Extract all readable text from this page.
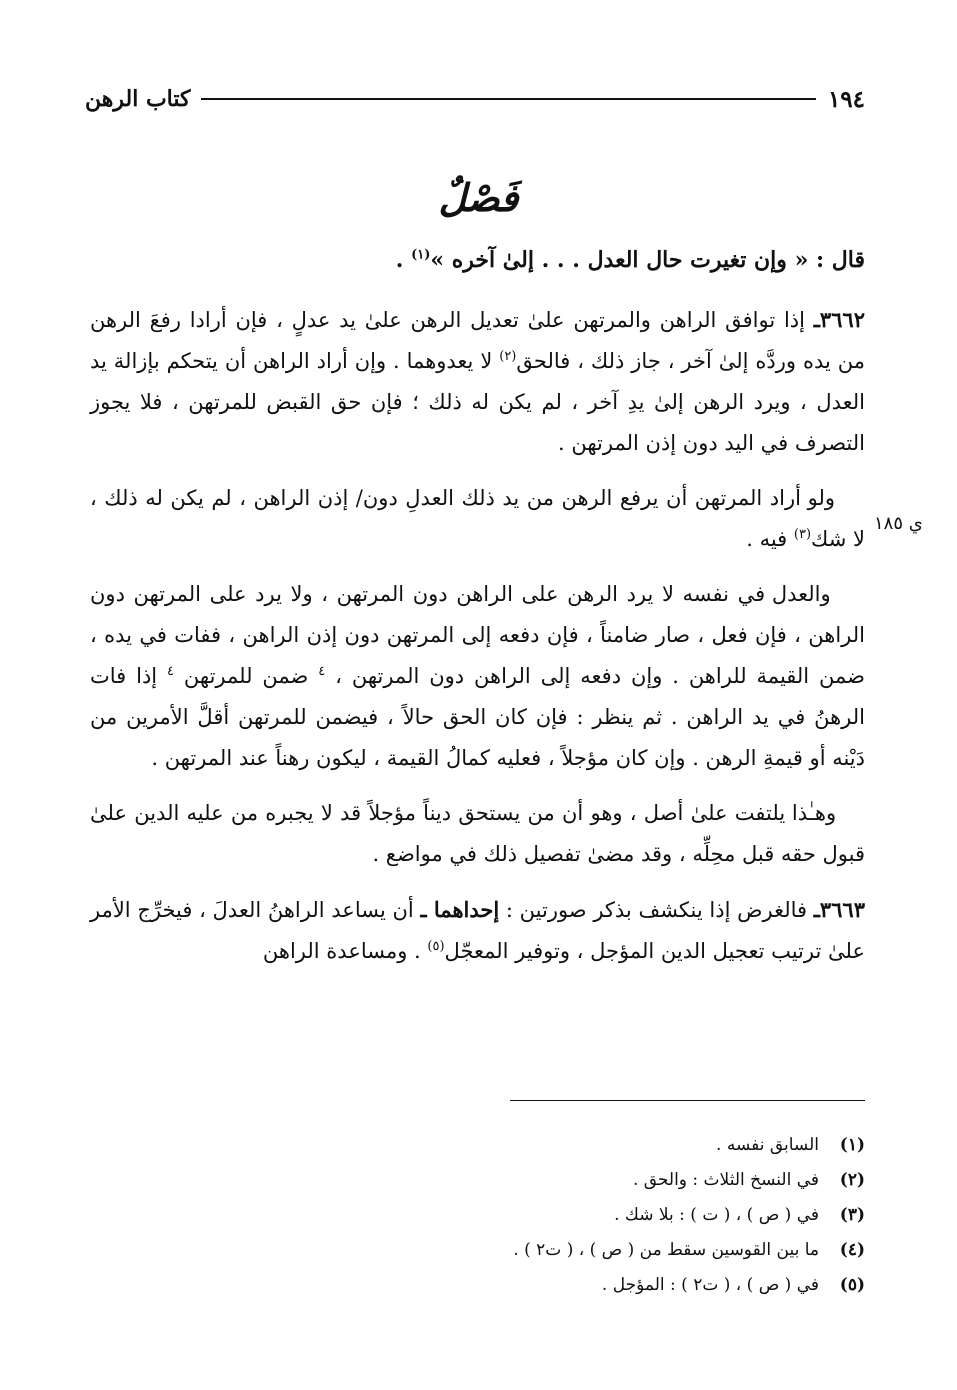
١٩٤
كتاب الرهن
فَصْلٌ

قال : « وإن تغيرت حال العدل . . . إلىٰ آخره »$^{(١)}$ .

٣٦٦٢ـ إذا توافق الراهن والمرتهن علىٰ تعديل الرهن علىٰ يد عدلٍ ، فإن أرادا رفعَ الرهن من يده وردَّه إلىٰ آخر ، جاز ذلك ، فالحق$^{(٢)}$ لا يعدوهما . وإن أراد الراهن أن يتحكم بإزالة يد العدل ، ويرد الرهن إلىٰ يدِ آخر ، لم يكن له ذلك ؛ فإن حق القبض للمرتهن ، فلا يجوز التصرف في اليد دون إذن المرتهن .

ولو أراد المرتهن أن يرفع الرهن من يد ذلك العدلِ دون/ إذن الراهن ، لم يكن له ذلك ، لا شك$^{(٣)}$ فيه .

والعدل في نفسه لا يرد الرهن على الراهن دون المرتهن ، ولا يرد على المرتهن دون الراهن ، فإن فعل ، صار ضامناً ، فإن دفعه إلى المرتهن دون إذن الراهن ، ففات في يده ، ضمن القيمة للراهن . وإن دفعه إلى الراهن دون المرتهن ، $^٤$ ضمن للمرتهن $^٤$ إذا فات الرهنُ في يد الراهن . ثم ينظر : فإن كان الحق حالاً ، فيضمن للمرتهن أقلَّ الأمرين من دَيْنه أو قيمةِ الرهن . وإن كان مؤجلاً ، فعليه كمالُ القيمة ، ليكون رهناً عند المرتهن .

وهـٰذا يلتفت علىٰ أصل ، وهو أن من يستحق ديناً مؤجلاً قد لا يجبره من عليه الدين علىٰ قبول حقه قبل محِلِّه ، وقد مضىٰ تفصيل ذلك في مواضع .

٣٦٦٣ـ فالغرض إذا ينكشف بذكر صورتين : إحداهما ـ أن يساعد الراهنُ العدلَ ، فيخرِّج الأمر علىٰ ترتيب تعجيل الدين المؤجل ، وتوفير المعجّل$^{(٥)}$ . ومساعدة الراهن

ي ١٨٥
(١)
السابق نفسه .
(٢)
في النسخ الثلاث : والحق .
(٣)
في ( ص ) ، ( ت ) : بلا شك .
(٤)
ما بين القوسين سقط من ( ص ) ، ( ت٢ ) .
(٥)
في ( ص ) ، ( ت٢ ) : المؤجل .
